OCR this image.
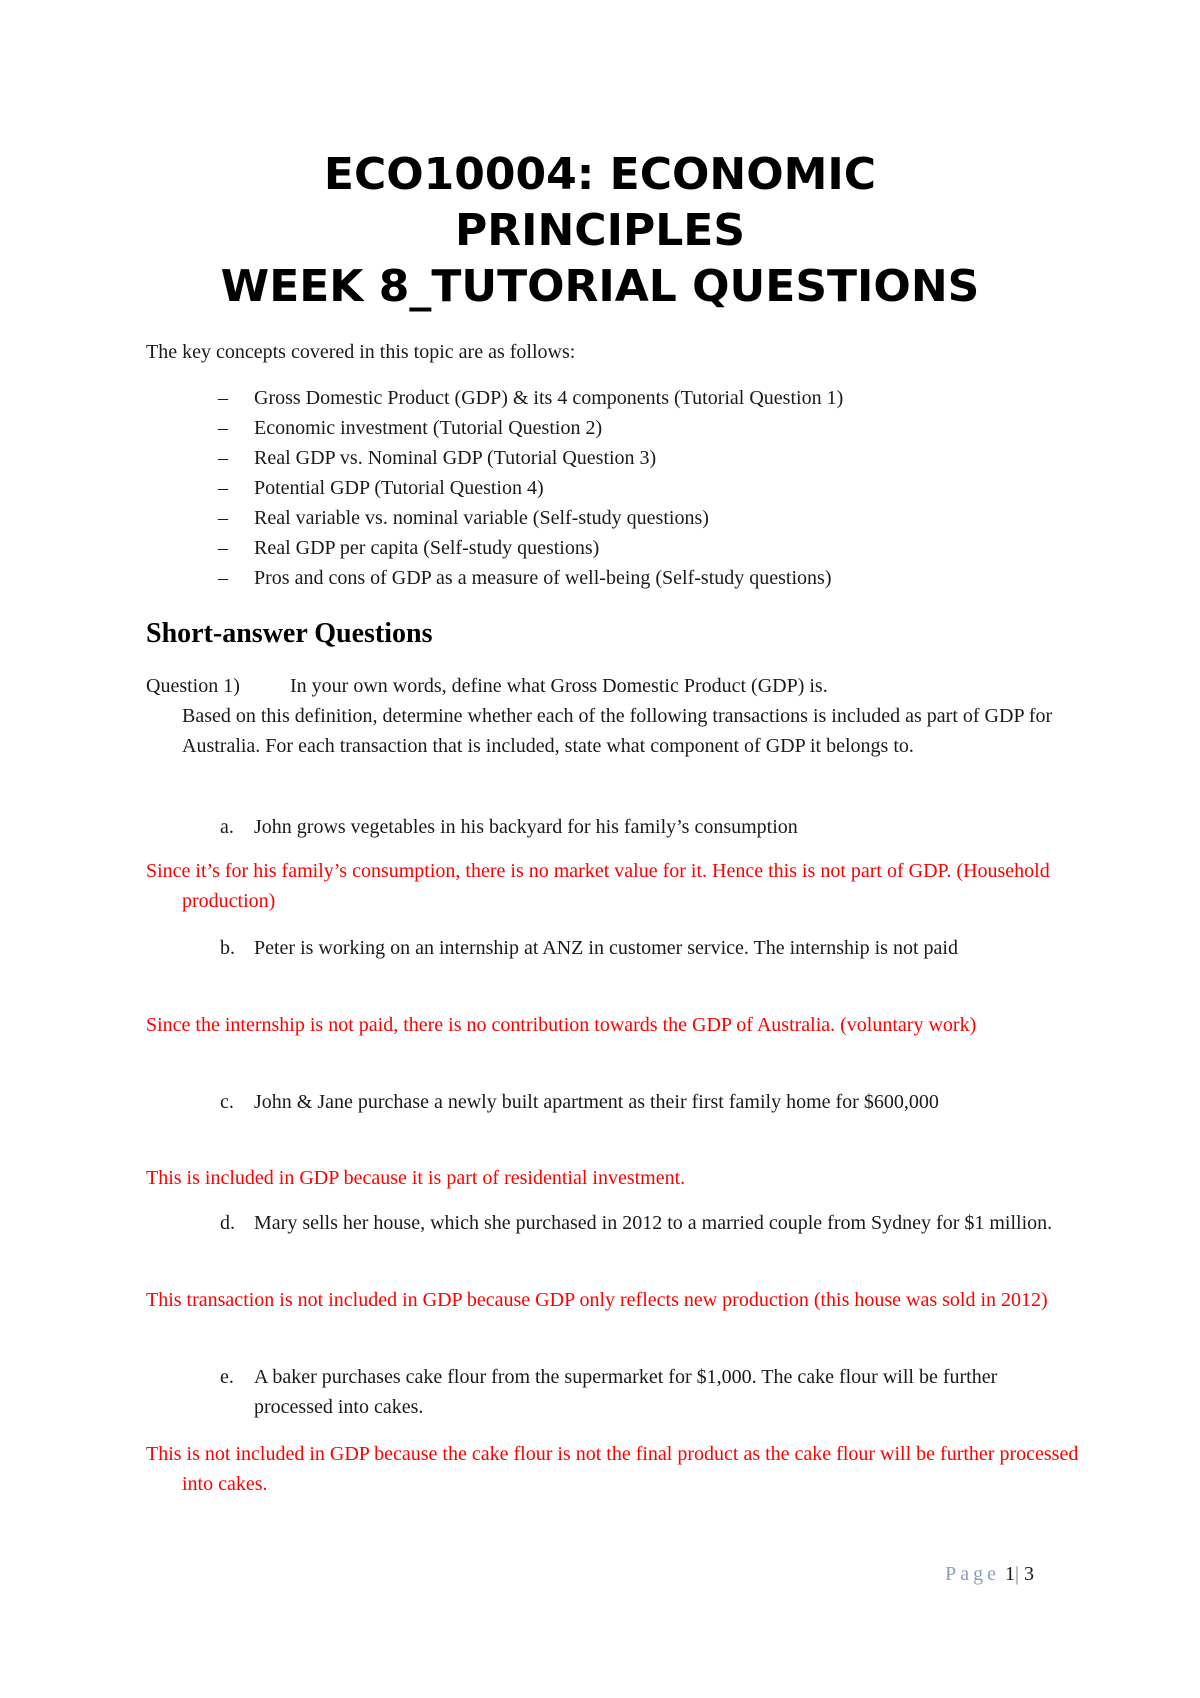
ECO10004: ECONOMIC
PRINCIPLES
WEEK 8_TUTORIAL QUESTIONS

The key concepts covered in this topic are as follows:

– Gross Domestic Product (GDP) & its 4 components (Tutorial Question 1)
– Economic investment (Tutorial Question 2)
– Real GDP vs. Nominal GDP (Tutorial Question 3)
– Potential GDP (Tutorial Question 4)
– Real variable vs. nominal variable (Self-study questions)
– Real GDP per capita (Self-study questions)
– Pros and cons of GDP as a measure of well-being (Self-study questions)
Short-answer Questions
Question 1)	In your own words, define what Gross Domestic Product (GDP) is.
Based on this definition, determine whether each of the following transactions is included as part of GDP for Australia. For each transaction that is included, state what component of GDP it belongs to.
a.	John grows vegetables in his backyard for his family’s consumption

Since it’s for his family’s consumption, there is no market value for it. Hence this is not part of GDP. (Household production)

b. Peter is working on an internship at ANZ in customer service. The internship is not paid

Since the internship is not paid, there is no contribution towards the GDP of Australia. (voluntary work)

c.	John & Jane purchase a newly built apartment as their first family home for $600,000

This is included in GDP because it is part of residential investment.

d. Mary sells her house, which she purchased in 2012 to a married couple from Sydney for $1 million.

This transaction is not included in GDP because GDP only reflects new production (this house was sold in 2012)

e.	A baker purchases cake flour from the supermarket for $1,000. The cake flour will be further processed into cakes.

This is not included in GDP because the cake flour is not the final product as the cake flour will be further processed into cakes.

Page 1| 3
